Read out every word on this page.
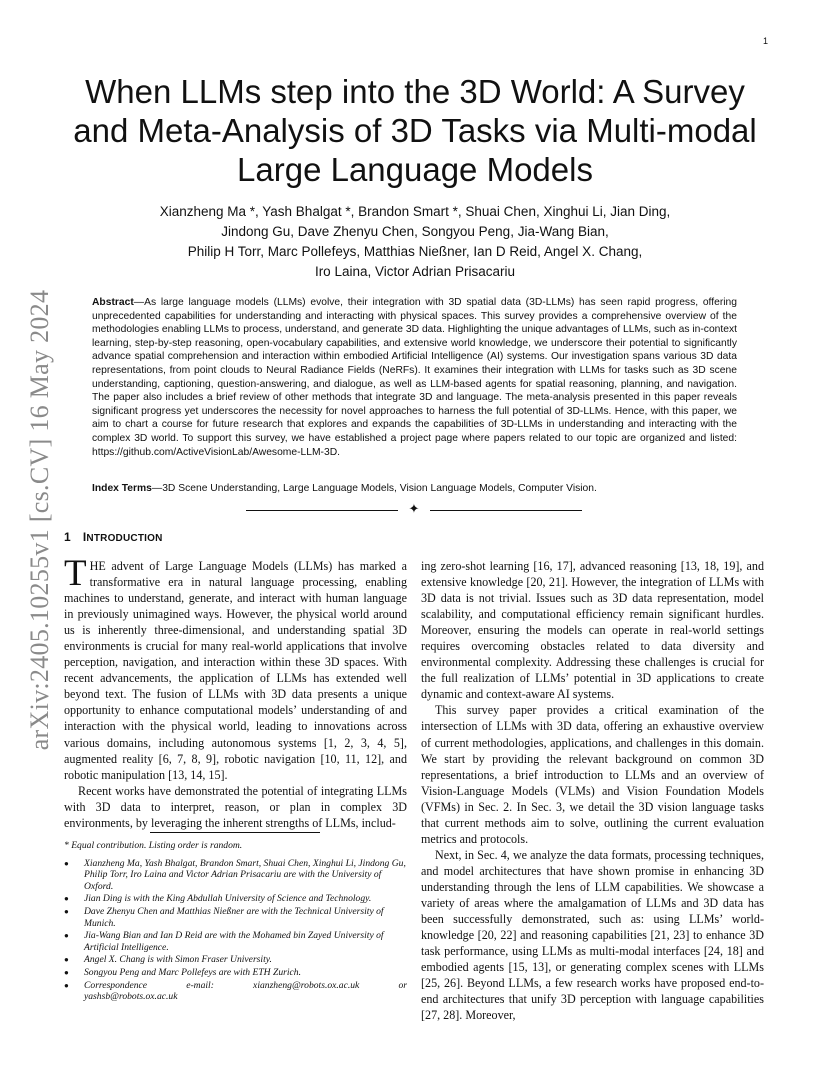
1
arXiv:2405.10255v1 [cs.CV] 16 May 2024
When LLMs step into the 3D World: A Survey
and Meta-Analysis of 3D Tasks via Multi-modal
Large Language Models
Xianzheng Ma *, Yash Bhalgat *, Brandon Smart *, Shuai Chen, Xinghui Li, Jian Ding,
Jindong Gu, Dave Zhenyu Chen, Songyou Peng, Jia-Wang Bian,
Philip H Torr, Marc Pollefeys, Matthias Nießner, Ian D Reid, Angel X. Chang,
Iro Laina, Victor Adrian Prisacariu
Abstract—As large language models (LLMs) evolve, their integration with 3D spatial data (3D-LLMs) has seen rapid progress, offering unprecedented capabilities for understanding and interacting with physical spaces. This survey provides a comprehensive overview of the methodologies enabling LLMs to process, understand, and generate 3D data. Highlighting the unique advantages of LLMs, such as in-context learning, step-by-step reasoning, open-vocabulary capabilities, and extensive world knowledge, we underscore their potential to significantly advance spatial comprehension and interaction within embodied Artificial Intelligence (AI) systems. Our investigation spans various 3D data representations, from point clouds to Neural Radiance Fields (NeRFs). It examines their integration with LLMs for tasks such as 3D scene understanding, captioning, question-answering, and dialogue, as well as LLM-based agents for spatial reasoning, planning, and navigation. The paper also includes a brief review of other methods that integrate 3D and language. The meta-analysis presented in this paper reveals significant progress yet underscores the necessity for novel approaches to harness the full potential of 3D-LLMs. Hence, with this paper, we aim to chart a course for future research that explores and expands the capabilities of 3D-LLMs in understanding and interacting with the complex 3D world. To support this survey, we have established a project page where papers related to our topic are organized and listed: https://github.com/ActiveVisionLab/Awesome-LLM-3D.
Index Terms—3D Scene Understanding, Large Language Models, Vision Language Models, Computer Vision.
✦
1 INTRODUCTION

THE advent of Large Language Models (LLMs) has marked a transformative era in natural language processing, enabling machines to understand, generate, and interact with human language in previously unimagined ways. However, the physical world around us is inherently three-dimensional, and understanding spatial 3D environments is crucial for many real-world applications that involve perception, navigation, and interaction within these 3D spaces. With recent advancements, the application of LLMs has extended well beyond text. The fusion of LLMs with 3D data presents a unique opportunity to enhance computational models’ understanding of and interaction with the physical world, leading to innovations across various domains, including autonomous systems [1, 2, 3, 4, 5], augmented reality [6, 7, 8, 9], robotic navigation [10, 11, 12], and robotic manipulation [13, 14, 15].

Recent works have demonstrated the potential of integrating LLMs with 3D data to interpret, reason, or plan in complex 3D environments, by leveraging the inherent strengths of LLMs, includ-

* Equal contribution. Listing order is random.

● Xianzheng Ma, Yash Bhalgat, Brandon Smart, Shuai Chen, Xinghui Li, Jindong Gu, Philip Torr, Iro Laina and Victor Adrian Prisacariu are with the University of Oxford.
● Jian Ding is with the King Abdullah University of Science and Technology.
● Dave Zhenyu Chen and Matthias Nießner are with the Technical University of Munich.
● Jia-Wang Bian and Ian D Reid are with the Mohamed bin Zayed University of Artificial Intelligence.
● Angel X. Chang is with Simon Fraser University.
● Songyou Peng and Marc Pollefeys are with ETH Zurich.
● Correspondence e-mail: xianzheng@robots.ox.ac.uk or
yashsb@robots.ox.ac.uk

ing zero-shot learning [16, 17], advanced reasoning [13, 18, 19], and extensive knowledge [20, 21]. However, the integration of LLMs with 3D data is not trivial. Issues such as 3D data representation, model scalability, and computational efficiency remain significant hurdles. Moreover, ensuring the models can operate in real-world settings requires overcoming obstacles related to data diversity and environmental complexity. Addressing these challenges is crucial for the full realization of LLMs’ potential in 3D applications to create dynamic and context-aware AI systems.

This survey paper provides a critical examination of the intersection of LLMs with 3D data, offering an exhaustive overview of current methodologies, applications, and challenges in this domain. We start by providing the relevant background on common 3D representations, a brief introduction to LLMs and an overview of Vision-Language Models (VLMs) and Vision Foundation Models (VFMs) in Sec. 2. In Sec. 3, we detail the 3D vision language tasks that current methods aim to solve, outlining the current evaluation metrics and protocols.

Next, in Sec. 4, we analyze the data formats, processing techniques, and model architectures that have shown promise in enhancing 3D understanding through the lens of LLM capabilities. We showcase a variety of areas where the amalgamation of LLMs and 3D data has been successfully demonstrated, such as: using LLMs’ world-knowledge [20, 22] and reasoning capabilities [21, 23] to enhance 3D task performance, using LLMs as multi-modal interfaces [24, 18] and embodied agents [15, 13], or generating complex scenes with LLMs [25, 26]. Beyond LLMs, a few research works have proposed end-to-end architectures that unify 3D perception with language capabilities [27, 28]. Moreover,
